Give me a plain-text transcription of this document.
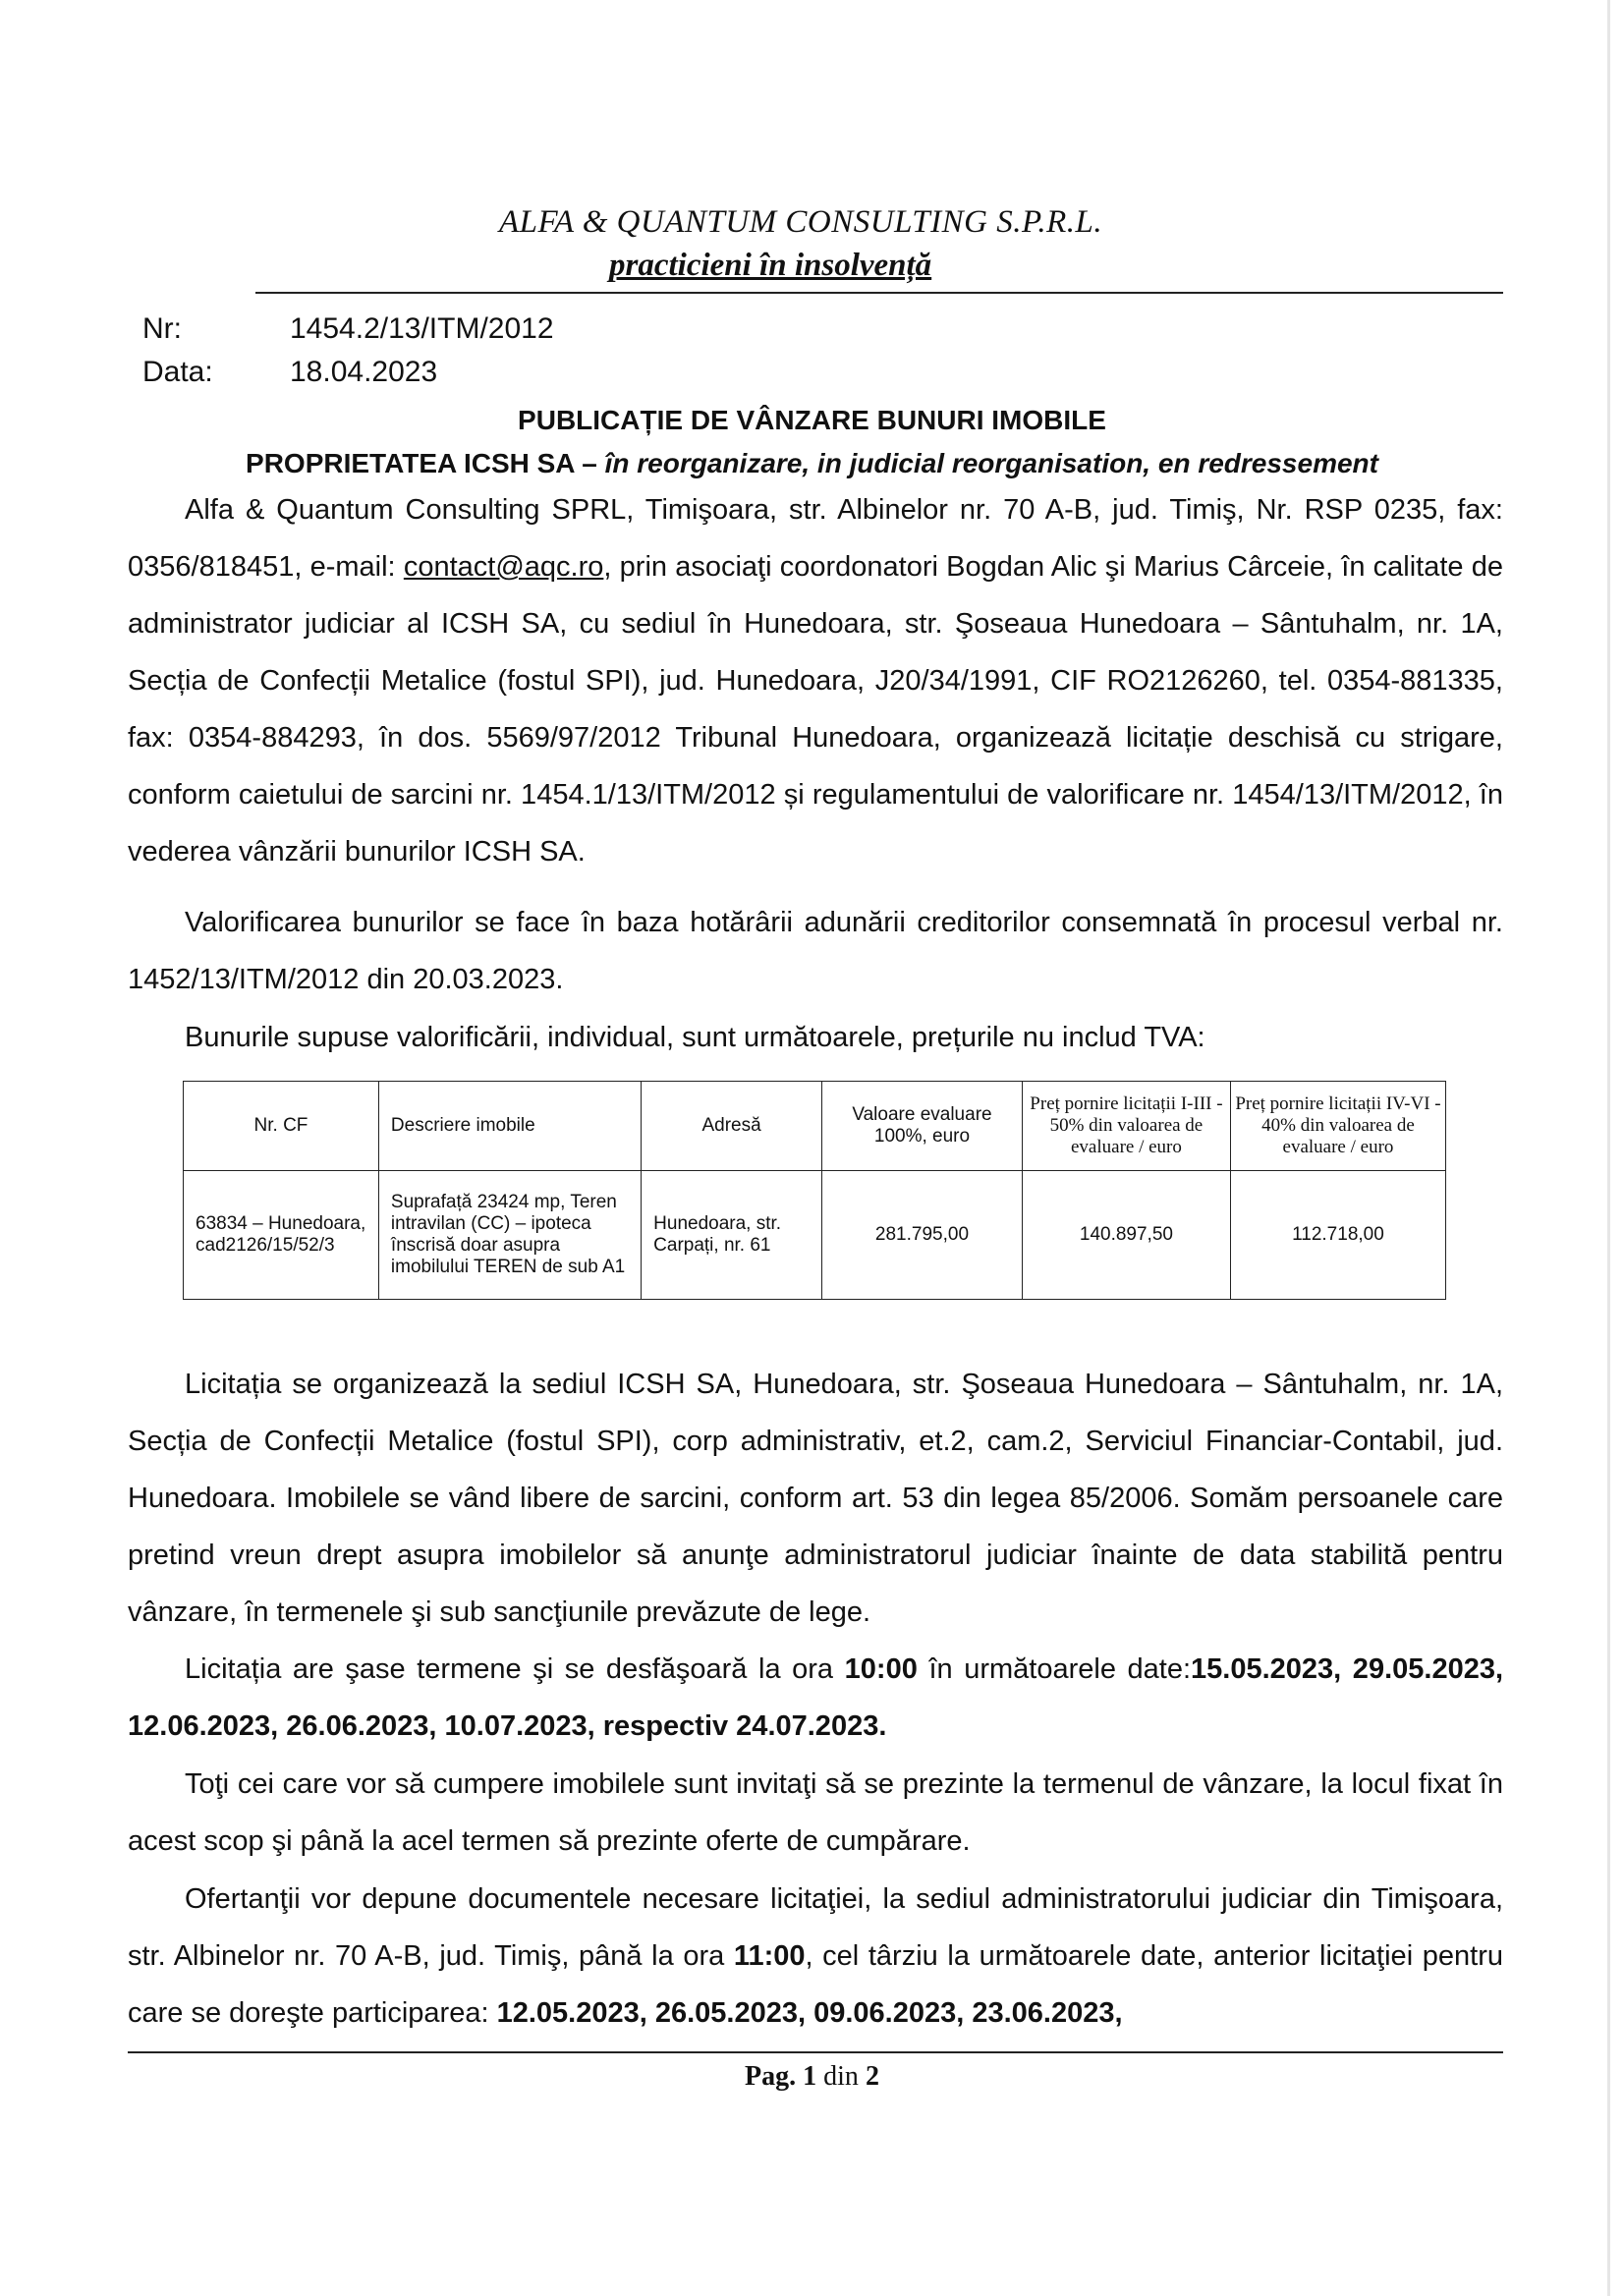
ALFA & QUANTUM CONSULTING S.P.R.L.
practicieni în insolvență
Nr:	1454.2/13/ITM/2012
Data:	18.04.2023
PUBLICAȚIE DE VÂNZARE BUNURI IMOBILE
PROPRIETATEA ICSH SA – în reorganizare, in judicial reorganisation, en redressement
Alfa & Quantum Consulting SPRL, Timişoara, str. Albinelor nr. 70 A-B, jud. Timiş, Nr. RSP 0235, fax: 0356/818451, e-mail: contact@aqc.ro, prin asociaţi coordonatori Bogdan Alic şi Marius Cârceie, în calitate de administrator judiciar al ICSH SA, cu sediul în Hunedoara, str. Şoseaua Hunedoara – Sântuhalm, nr. 1A, Secția de Confecții Metalice (fostul SPI), jud. Hunedoara, J20/34/1991, CIF RO2126260, tel. 0354-881335, fax: 0354-884293, în dos. 5569/97/2012 Tribunal Hunedoara, organizează licitație deschisă cu strigare, conform caietului de sarcini nr. 1454.1/13/ITM/2012 și regulamentului de valorificare nr. 1454/13/ITM/2012, în vederea vânzării bunurilor ICSH SA.
Valorificarea bunurilor se face în baza hotărârii adunării creditorilor consemnată în procesul verbal nr. 1452/13/ITM/2012 din 20.03.2023.
Bunurile supuse valorificării, individual, sunt următoarele, prețurile nu includ TVA:
Nr. CF	Descriere imobile	Adresă	Valoare evaluare 100%, euro	Preț pornire licitații I-III - 50% din valoarea de evaluare / euro	Preț pornire licitații IV-VI - 40% din valoarea de evaluare / euro
63834 – Hunedoara, cad2126/15/52/3	Suprafață 23424 mp, Teren intravilan (CC) – ipoteca înscrisă doar asupra imobilului TEREN de sub A1	Hunedoara, str. Carpați, nr. 61	281.795,00	140.897,50	112.718,00
Licitația se organizează la sediul ICSH SA, Hunedoara, str. Şoseaua Hunedoara – Sântuhalm, nr. 1A, Secția de Confecții Metalice (fostul SPI), corp administrativ, et.2, cam.2, Serviciul Financiar-Contabil, jud. Hunedoara. Imobilele se vând libere de sarcini, conform art. 53 din legea 85/2006. Somăm persoanele care pretind vreun drept asupra imobilelor să anunţe administratorul judiciar înainte de data stabilită pentru vânzare, în termenele şi sub sancţiunile prevăzute de lege.
Licitația are şase termene şi se desfăşoară la ora 10:00 în următoarele date:15.05.2023, 29.05.2023, 12.06.2023, 26.06.2023, 10.07.2023, respectiv 24.07.2023.
Toţi cei care vor să cumpere imobilele sunt invitaţi să se prezinte la termenul de vânzare, la locul fixat în acest scop şi până la acel termen să prezinte oferte de cumpărare.
Ofertanţii vor depune documentele necesare licitaţiei, la sediul administratorului judiciar din Timişoara, str. Albinelor nr. 70 A-B, jud. Timiş, până la ora 11:00, cel târziu la următoarele date, anterior licitaţiei pentru care se doreşte participarea: 12.05.2023, 26.05.2023, 09.06.2023, 23.06.2023,
Pag. 1 din 2
